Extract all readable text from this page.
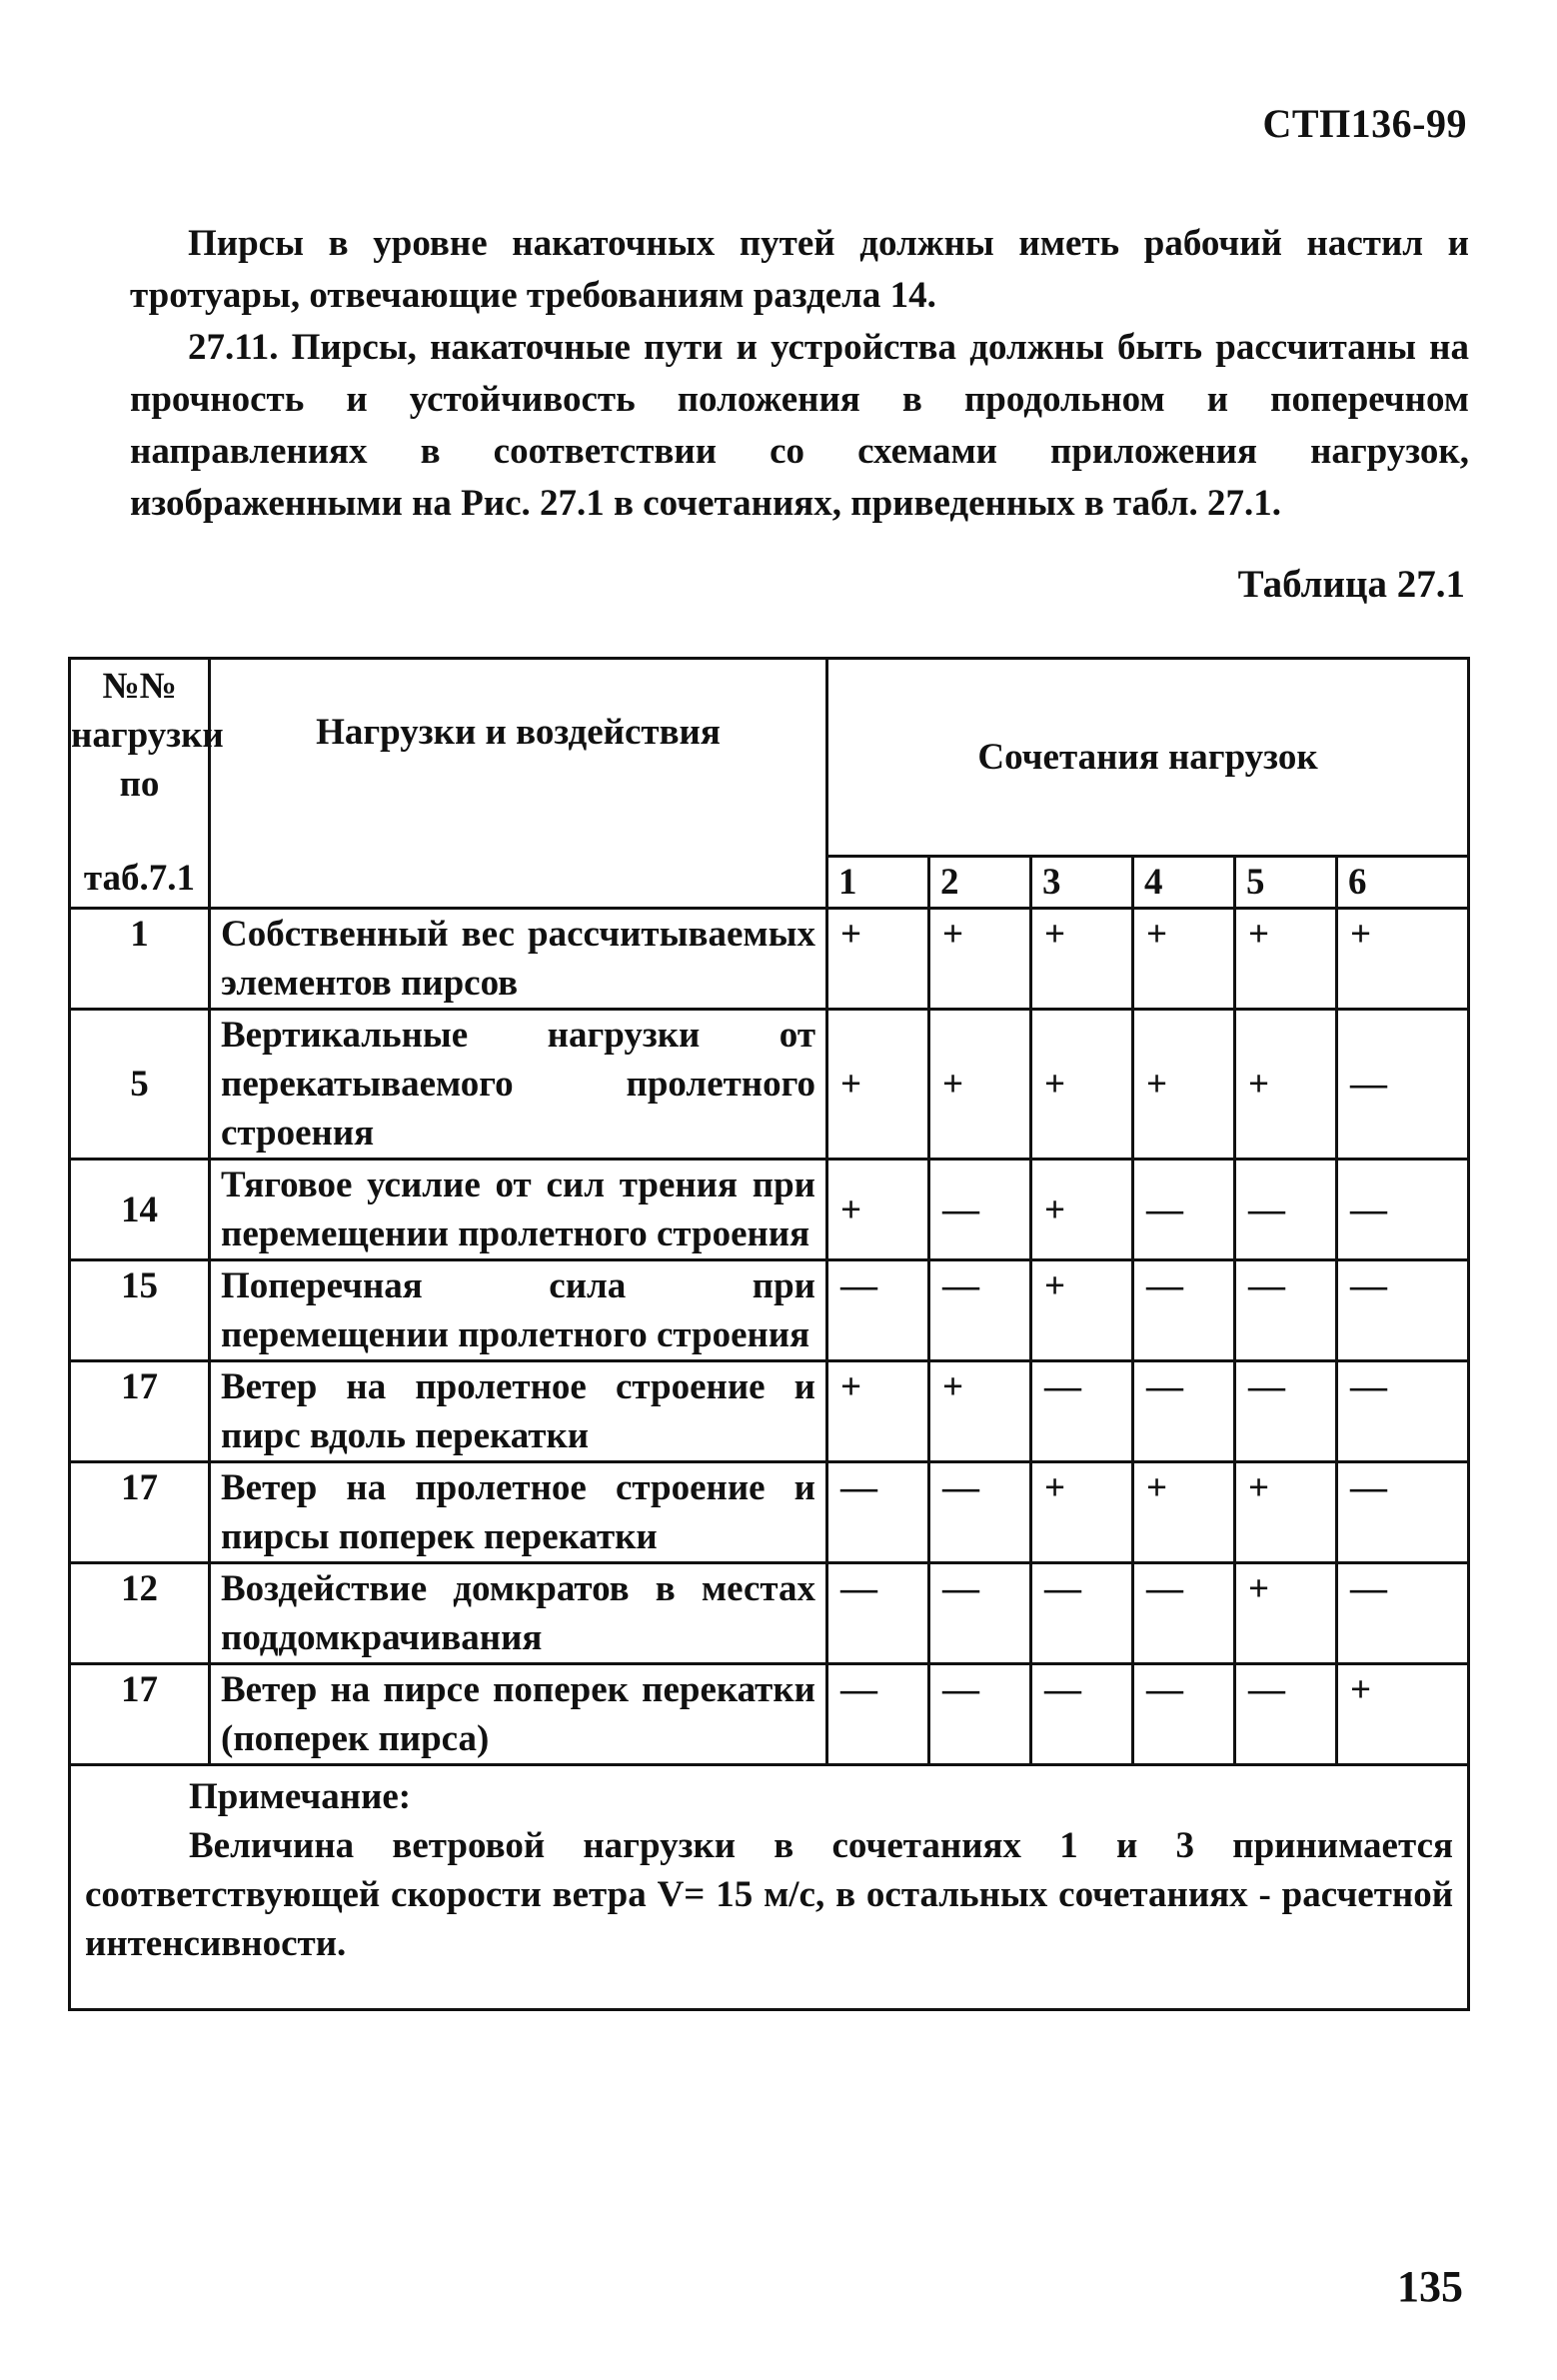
СТП136-99

Пирсы в уровне накаточных путей должны иметь рабочий настил и тротуары, отвечающие требованиям раздела 14.

27.11. Пирсы, накаточные пути и устройства должны быть рассчитаны на прочность и устойчивость положения в продольном и поперечном направлениях в соответствии со схемами приложения нагрузок, изображенными на Рис. 27.1 в сочетаниях, приведенных в табл. 27.1.

Таблица 27.1
№№ нагрузки по
таб.7.1	Нагрузки и воздействия	Сочетания нагрузок					
		1	2	3	4	5	6
1	Собственный вес рассчитываемых элементов пирсов	+	+	+	+	+	+
5	Вертикальные нагрузки от перекатываемого пролетного строения	+	+	+	+	+	—
14	Тяговое усилие от сил трения при перемещении пролетного строения	+	—	+	—	—	—
15	Поперечная сила при перемещении пролетного строения	—	—	+	—	—	—
17	Ветер на пролетное строение и пирс вдоль перекатки	+	+	—	—	—	—
17	Ветер на пролетное строение и пирсы поперек перекатки	—	—	+	+	+	—
12	Воздействие домкратов в местах поддомкрачивания	—	—	—	—	+	—
17	Ветер на пирсе поперек перекатки (поперек пирса)	—	—	—	—	—	+

Примечание:
Величина ветровой нагрузки в сочетаниях 1 и 3 принимается соответствующей скорости ветра V= 15 м/с, в остальных сочетаниях - расчетной интенсивности.							
135
